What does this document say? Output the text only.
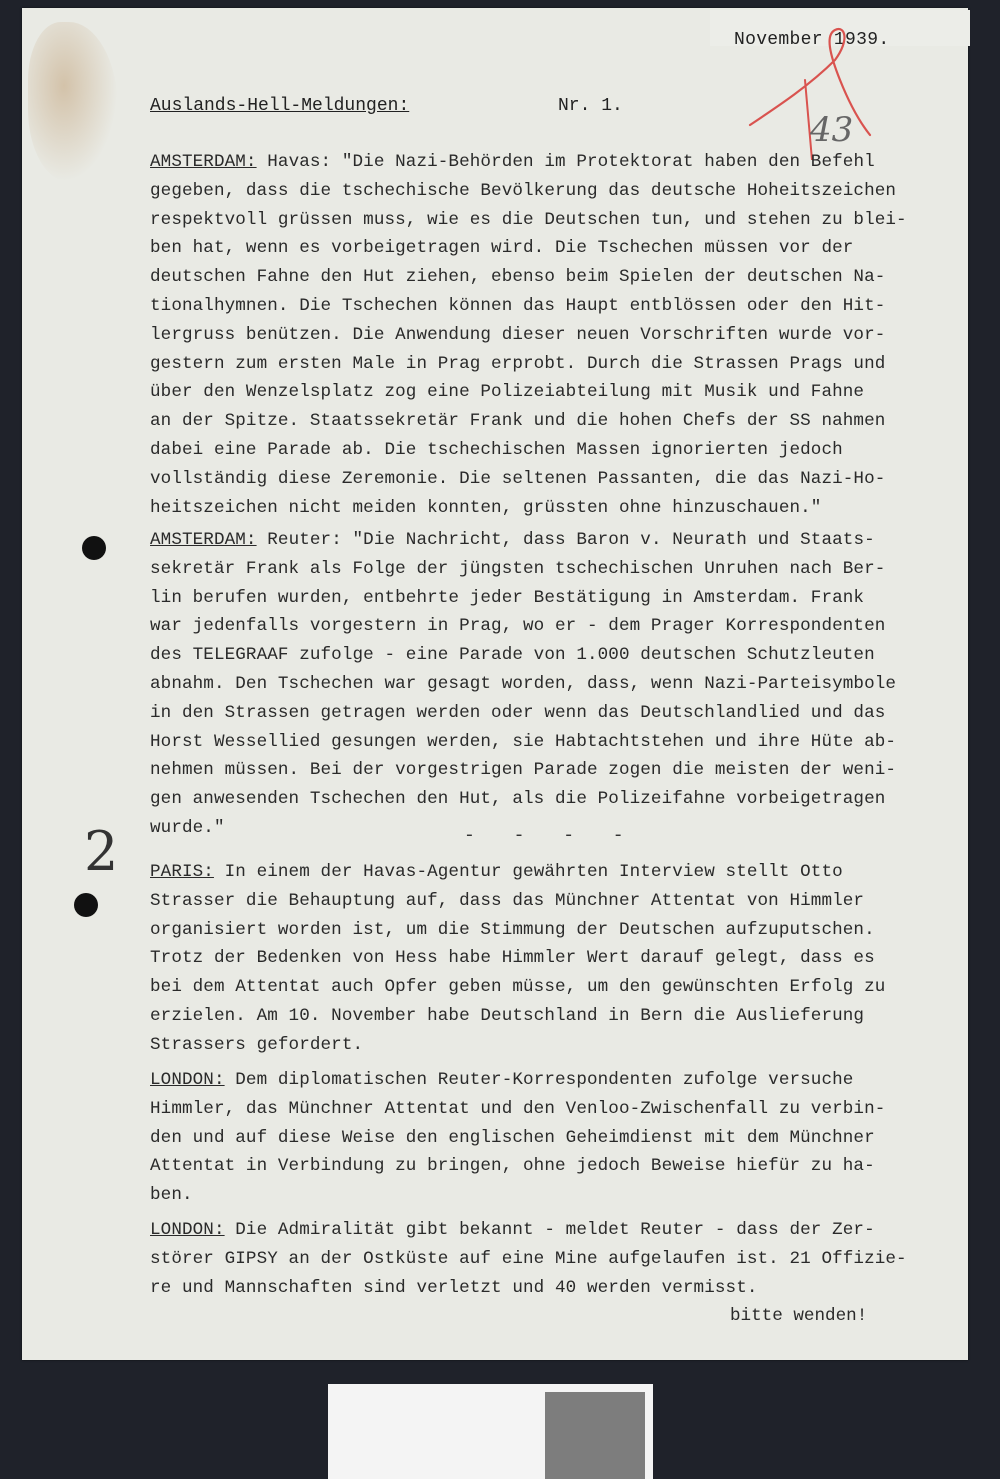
November 1939.
Auslands-Hell-Meldungen:	Nr. 1.
43
2
AMSTERDAM: Havas: "Die Nazi-Behörden im Protektorat haben den Befehl
gegeben, dass die tschechische Bevölkerung das deutsche Hoheitszeichen
respektvoll grüssen muss, wie es die Deutschen tun, und stehen zu blei-
ben hat, wenn es vorbeigetragen wird. Die Tschechen müssen vor der
deutschen Fahne den Hut ziehen, ebenso beim Spielen der deutschen Na-
tionalhymnen. Die Tschechen können das Haupt entblössen oder den Hit-
lergruss benützen. Die Anwendung dieser neuen Vorschriften wurde vor-
gestern zum ersten Male in Prag erprobt. Durch die Strassen Prags und
über den Wenzelsplatz zog eine Polizeiabteilung mit Musik und Fahne
an der Spitze. Staatssekretär Frank und die hohen Chefs der SS nahmen
dabei eine Parade ab. Die tschechischen Massen ignorierten jedoch
vollständig diese Zeremonie. Die seltenen Passanten, die das Nazi-Ho-
heitszeichen nicht meiden konnten, grüssten ohne hinzuschauen."
AMSTERDAM: Reuter: "Die Nachricht, dass Baron v. Neurath und Staats-
sekretär Frank als Folge der jüngsten tschechischen Unruhen nach Ber-
lin berufen wurden, entbehrte jeder Bestätigung in Amsterdam. Frank
war jedenfalls vorgestern in Prag, wo er - dem Prager Korrespondenten
des TELEGRAAF zufolge - eine Parade von 1.000 deutschen Schutzleuten
abnahm. Den Tschechen war gesagt worden, dass, wenn Nazi-Parteisymbole
in den Strassen getragen werden oder wenn das Deutschlandlied und das
Horst Wessellied gesungen werden, sie Habtachtstehen und ihre Hüte ab-
nehmen müssen. Bei der vorgestrigen Parade zogen die meisten der weni-
gen anwesenden Tschechen den Hut, als die Polizeifahne vorbeigetragen
wurde."	- - - -
PARIS: In einem der Havas-Agentur gewährten Interview stellt Otto
Strasser die Behauptung auf, dass das Münchner Attentat von Himmler
organisiert worden ist, um die Stimmung der Deutschen aufzuputschen.
Trotz der Bedenken von Hess habe Himmler Wert darauf gelegt, dass es
bei dem Attentat auch Opfer geben müsse, um den gewünschten Erfolg zu
erzielen. Am 10. November habe Deutschland in Bern die Auslieferung
Strassers gefordert.
LONDON: Dem diplomatischen Reuter-Korrespondenten zufolge versuche
Himmler, das Münchner Attentat und den Venloo-Zwischenfall zu verbin-
den und auf diese Weise den englischen Geheimdienst mit dem Münchner
Attentat in Verbindung zu bringen, ohne jedoch Beweise hiefür zu ha-
ben.
LONDON: Die Admiralität gibt bekannt - meldet Reuter - dass der Zer-
störer GIPSY an der Ostküste auf eine Mine aufgelaufen ist. 21 Offizie-
re und Mannschaften sind verletzt und 40 werden vermisst.
bitte wenden!
